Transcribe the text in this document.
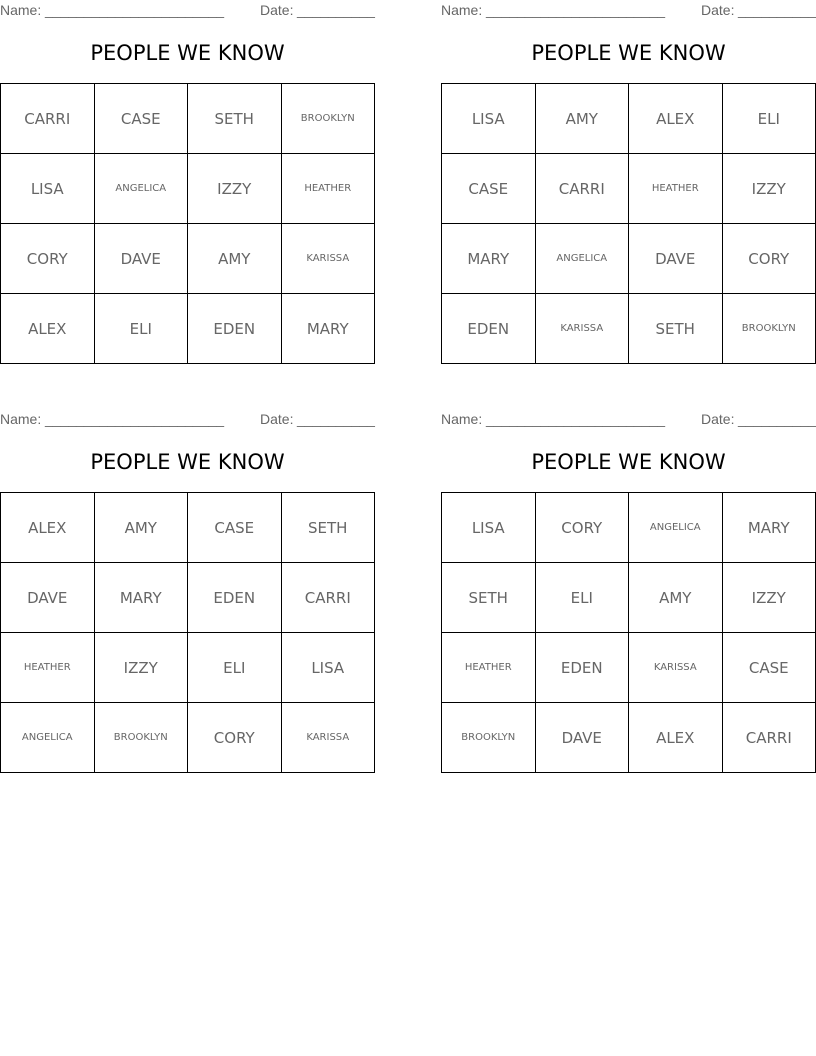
Name: _______________________	Date: __________
PEOPLE WE KNOW
CARRI	CASE	SETH	BROOKLYN
LISA	ANGELICA	IZZY	HEATHER
CORY	DAVE	AMY	KARISSA
ALEX	ELI	EDEN	MARY
Name: _______________________	Date: __________
PEOPLE WE KNOW
LISA	AMY	ALEX	ELI
CASE	CARRI	HEATHER	IZZY
MARY	ANGELICA	DAVE	CORY
EDEN	KARISSA	SETH	BROOKLYN
Name: _______________________	Date: __________
PEOPLE WE KNOW
ALEX	AMY	CASE	SETH
DAVE	MARY	EDEN	CARRI
HEATHER	IZZY	ELI	LISA
ANGELICA	BROOKLYN	CORY	KARISSA
Name: _______________________	Date: __________
PEOPLE WE KNOW
LISA	CORY	ANGELICA	MARY
SETH	ELI	AMY	IZZY
HEATHER	EDEN	KARISSA	CASE
BROOKLYN	DAVE	ALEX	CARRI
